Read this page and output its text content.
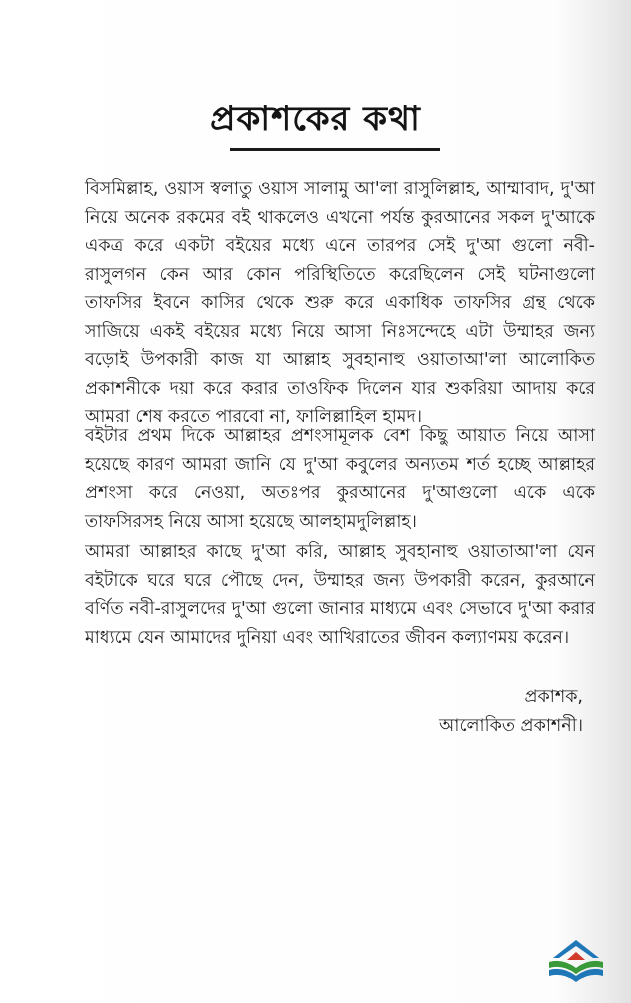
প্রকাশকের কথা

বিসমিল্লাহ, ওয়াস স্বলাতু ওয়াস সালামু আ'লা রাসুলিল্লাহ, আম্মাবাদ, দু'আ নিয়ে অনেক রকমের বই থাকলেও এখনো পর্যন্ত কুরআনের সকল দু'আকে একত্র করে একটা বইয়ের মধ্যে এনে তারপর সেই দু'আ গুলো নবী-রাসুলগন কেন আর কোন পরিস্থিতিতে করেছিলেন সেই ঘটনাগুলো তাফসির ইবনে কাসির থেকে শুরু করে একাধিক তাফসির গ্রন্থ থেকে সাজিয়ে একই বইয়ের মধ্যে নিয়ে আসা নিঃসন্দেহে এটা উম্মাহর জন্য বড়োই উপকারী কাজ যা আল্লাহ সুবহানাহু ওয়াতাআ'লা আলোকিত প্রকাশনীকে দয়া করে করার তাওফিক দিলেন যার শুকরিয়া আদায় করে আমরা শেষ করতে পারবো না, ফালিল্লাহিল হামদ।

বইটার প্রথম দিকে আল্লাহর প্রশংসামূলক বেশ কিছু আয়াত নিয়ে আসা হয়েছে কারণ আমরা জানি যে দু'আ কবুলের অন্যতম শর্ত হচ্ছে আল্লাহর প্রশংসা করে নেওয়া, অতঃপর কুরআনের দু'আগুলো একে একে তাফসিরসহ নিয়ে আসা হয়েছে আলহামদুলিল্লাহ।

আমরা আল্লাহর কাছে দু'আ করি, আল্লাহ সুবহানাহু ওয়াতাআ'লা যেন বইটাকে ঘরে ঘরে পৌছে দেন, উম্মাহর জন্য উপকারী করেন, কুরআনে বর্ণিত নবী-রাসুলদের দু'আ গুলো জানার মাধ্যমে এবং সেভাবে দু'আ করার মাধ্যমে যেন আমাদের দুনিয়া এবং আখিরাতের জীবন কল্যাণময় করেন।

প্রকাশক,
আলোকিত প্রকাশনী।
